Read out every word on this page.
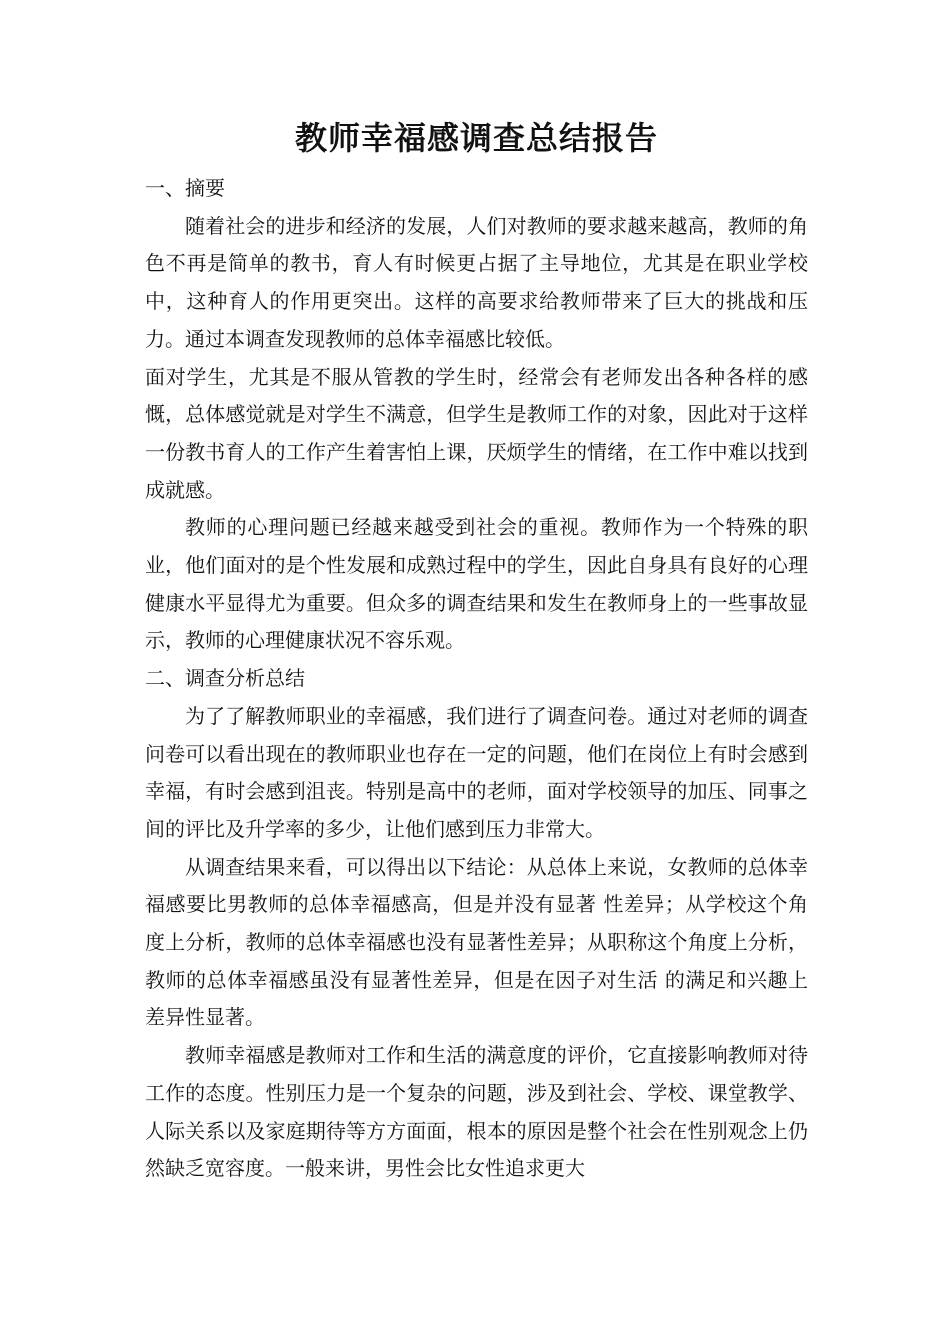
教师幸福感调查总结报告

一、摘要

随着社会的进步和经济的发展，人们对教师的要求越来越高，教师的角色不再是简单的教书，育人有时候更占据了主导地位，尤其是在职业学校中，这种育人的作用更突出。这样的高要求给教师带来了巨大的挑战和压力。通过本调查发现教师的总体幸福感比较低。

面对学生，尤其是不服从管教的学生时，经常会有老师发出各种各样的感慨，总体感觉就是对学生不满意，但学生是教师工作的对象，因此对于这样一份教书育人的工作产生着害怕上课，厌烦学生的情绪，在工作中难以找到成就感。

教师的心理问题已经越来越受到社会的重视。教师作为一个特殊的职业，他们面对的是个性发展和成熟过程中的学生，因此自身具有良好的心理健康水平显得尤为重要。但众多的调查结果和发生在教师身上的一些事故显示，教师的心理健康状况不容乐观。

二、调查分析总结

为了了解教师职业的幸福感，我们进行了调查问卷。通过对老师的调查问卷可以看出现在的教师职业也存在一定的问题，他们在岗位上有时会感到幸福，有时会感到沮丧。特别是高中的老师，面对学校领导的加压、同事之间的评比及升学率的多少，让他们感到压力非常大。

从调查结果来看，可以得出以下结论：从总体上来说，女教师的总体幸福感要比男教师的总体幸福感高，但是并没有显著 性差异；从学校这个角度上分析，教师的总体幸福感也没有显著性差异；从职称这个角度上分析，教师的总体幸福感虽没有显著性差异，但是在因子对生活 的满足和兴趣上差异性显著。

教师幸福感是教师对工作和生活的满意度的评价，它直接影响教师对待工作的态度。性别压力是一个复杂的问题，涉及到社会、学校、课堂教学、人际关系以及家庭期待等方方面面，根本的原因是整个社会在性别观念上仍然缺乏宽容度。一般来讲，男性会比女性追求更大
